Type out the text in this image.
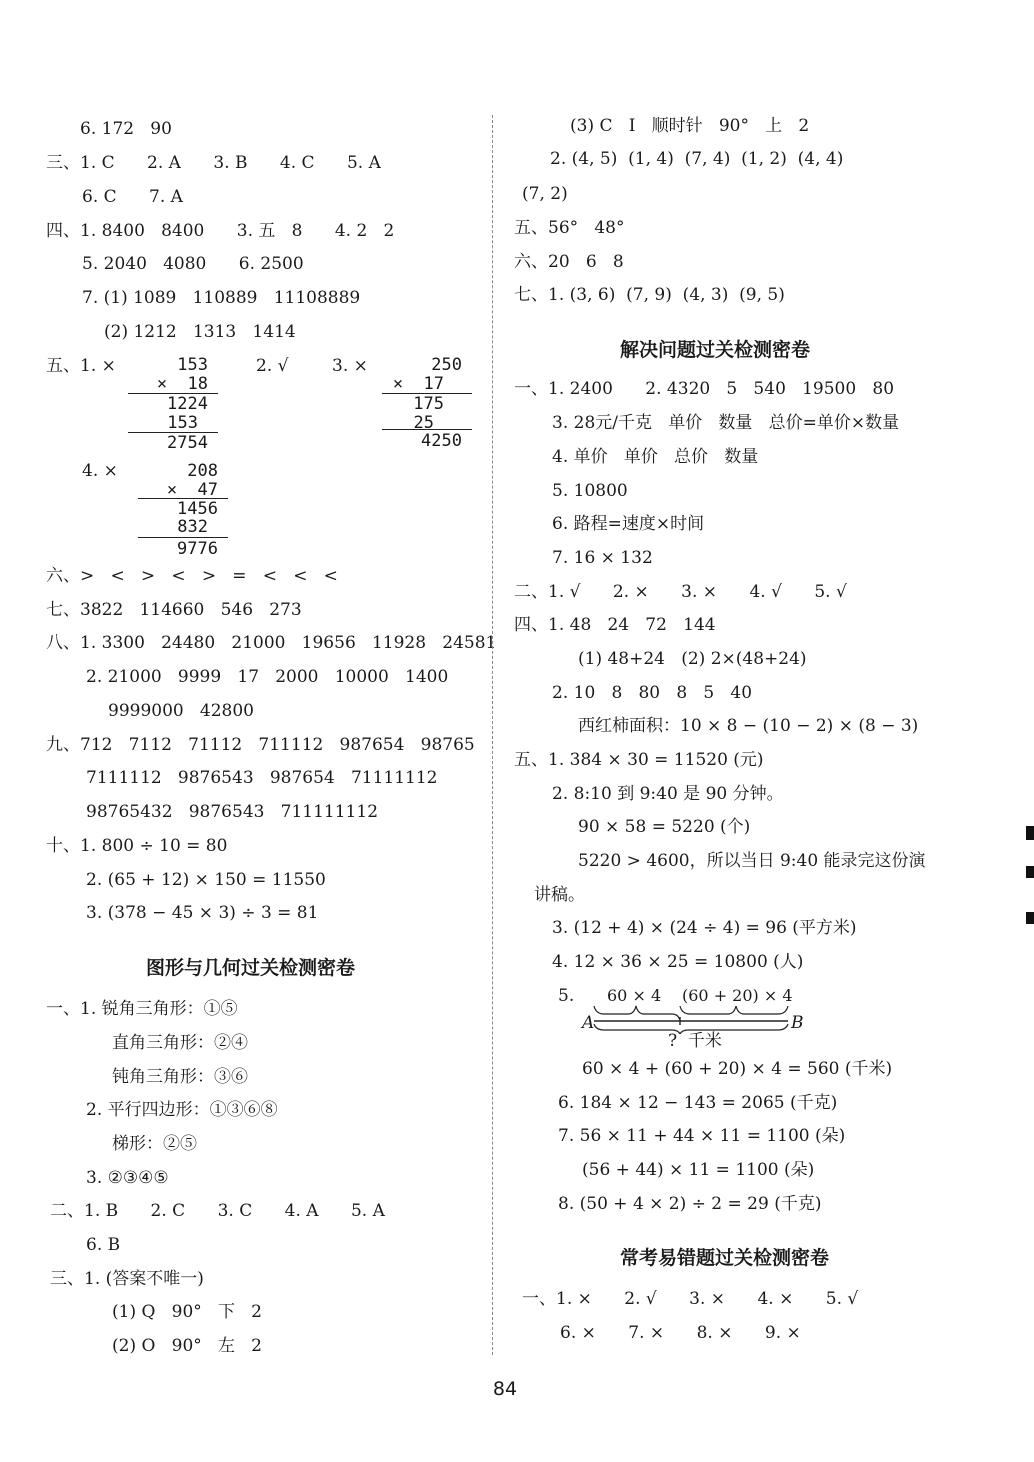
6. 172   90
三、1. C      2. A      3. B      4. C      5. A
6. C      7. A
四、1. 8400   8400      3. 五   8      4. 2   2
5. 2040   4080      6. 2500
7. (1) 1089   110889   11108889
(2) 1212   1313   1414
五、1. ×	2. √	3. ×
153
×  18
1224
153
2754
250
×  17
175
25
4250
4. ×	208
×  47
1456
832
9776
六、>   <   >   <   >   =   <   <   <
七、3822   114660   546   273
八、1. 3300   24480   21000   19656   11928   24581
2. 21000   9999   17   2000   10000   1400
9999000   42800
九、712   7112   71112   711112   987654   98765
7111112   9876543   987654   71111112
98765432   9876543   711111112
十、1. 800 ÷ 10 = 80
2. (65 + 12) × 150 = 11550
3. (378 − 45 × 3) ÷ 3 = 81
图形与几何过关检测密卷
一、1. 锐角三角形：①⑤
直角三角形：②④
钝角三角形：③⑥
2. 平行四边形：①③⑥⑧
梯形：②⑤
3. ②③④⑤
二、1. B      2. C      3. C      4. A      5. A
6. B
三、1. (答案不唯一)
(1) Q   90°   下   2
(2) O   90°   左   2
(3) C   I   顺时针   90°   上   2
2. (4, 5)  (1, 4)  (7, 4)  (1, 2)  (4, 4)
(7, 2)
五、56°   48°
六、20   6   8
七、1. (3, 6)  (7, 9)  (4, 3)  (9, 5)
解决问题过关检测密卷
一、1. 2400      2. 4320   5   540   19500   80
3. 28元/千克   单价   数量   总价=单价×数量
4. 单价   单价   总价   数量
5. 10800
6. 路程=速度×时间
7. 16 × 132
二、1. √      2. ×      3. ×      4. √      5. √
四、1. 48   24   72   144
(1) 48+24   (2) 2×(48+24)
2. 10   8   80   8   5   40
西红柿面积：10 × 8 − (10 − 2) × (8 − 3)
五、1. 384 × 30 = 11520 (元)
2. 8:10 到 9:40 是 90 分钟。
90 × 58 = 5220 (个)
5220 > 4600，所以当日 9:40 能录完这份演
讲稿。
3. (12 + 4) × (24 ÷ 4) = 96 (平方米)
4. 12 × 36 × 25 = 10800 (人)
5. 60 × 4 (60 + 20) × 4
A	B
?  千米
60 × 4 + (60 + 20) × 4 = 560 (千米)
6. 184 × 12 − 143 = 2065 (千克)
7. 56 × 11 + 44 × 11 = 1100 (朵)
(56 + 44) × 11 = 1100 (朵)
8. (50 + 4 × 2) ÷ 2 = 29 (千克)
常考易错题过关检测密卷
一、1. ×      2. √      3. ×      4. ×      5. √
6. ×      7. ×      8. ×      9. ×
84
